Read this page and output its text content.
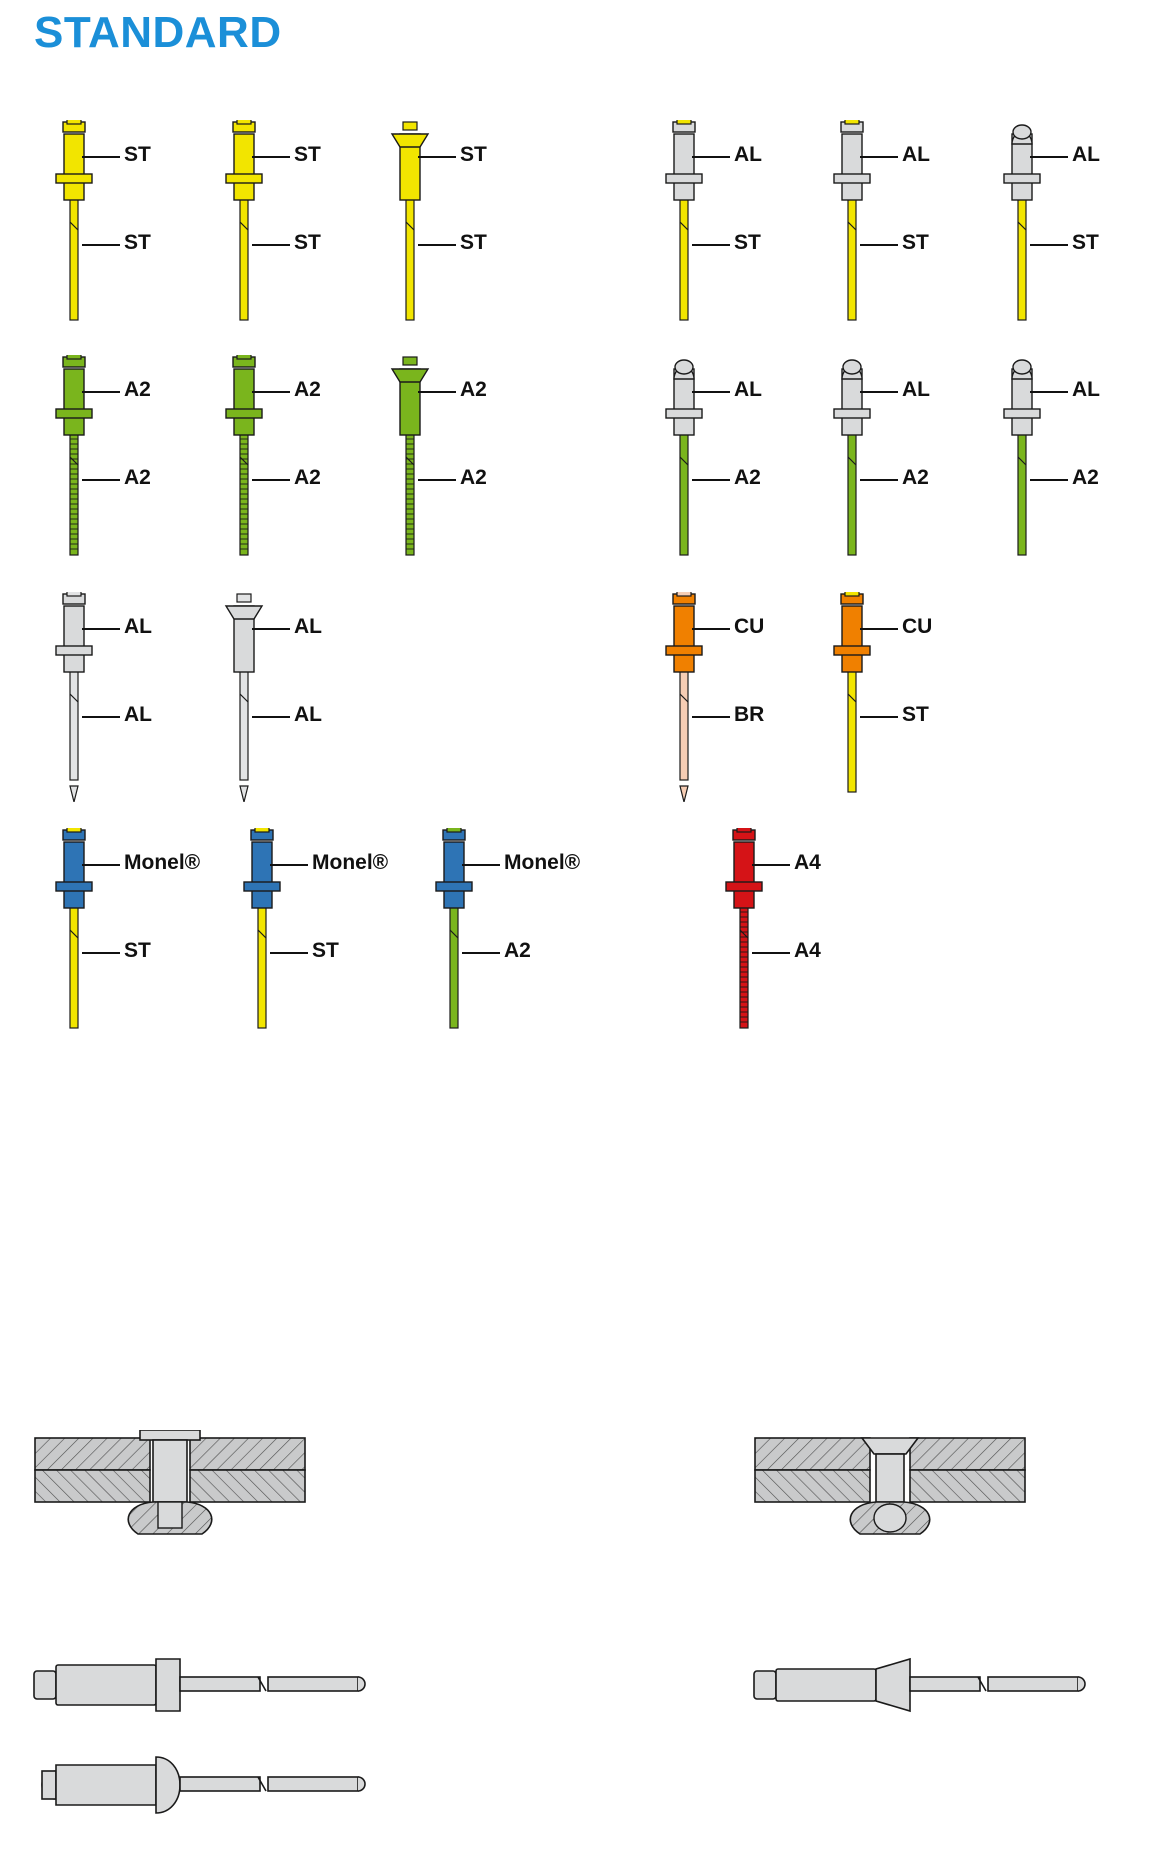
STANDARD
ST
ST
ST
ST
ST
ST
AL
ST
AL
ST
AL
ST
A2
A2
A2
A2
A2
A2
AL
A2
AL
A2
AL
A2
AL
AL
AL
AL
CU
BR
CU
ST
Monel®
ST
Monel®
ST
Monel®
A2
A4
A4
